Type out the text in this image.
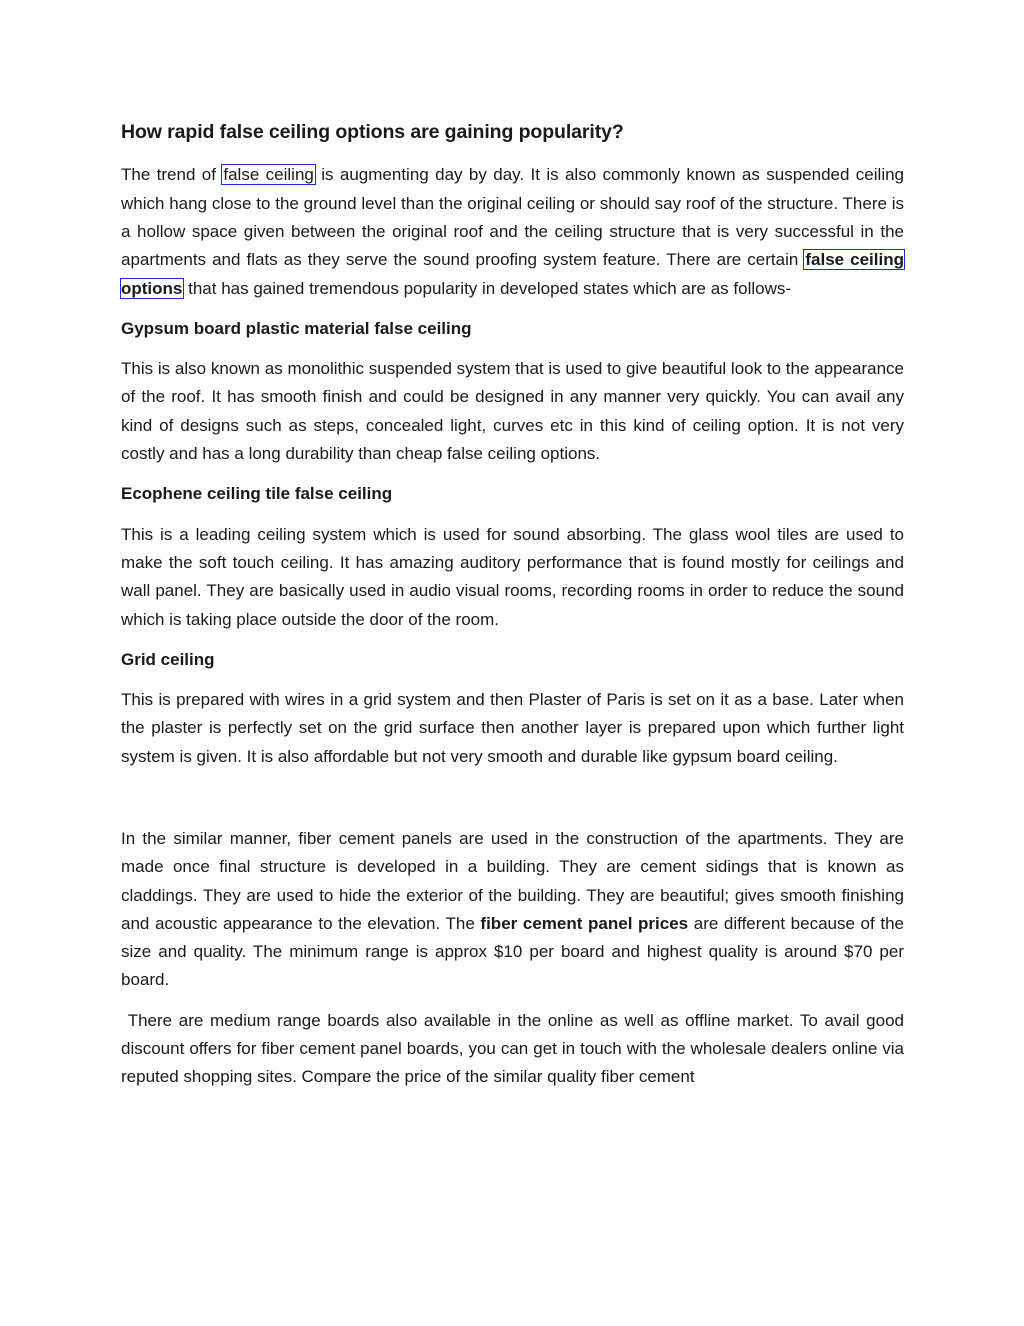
How rapid false ceiling options are gaining popularity?

The trend of false ceiling is augmenting day by day. It is also commonly known as suspended ceiling which hang close to the ground level than the original ceiling or should say roof of the structure. There is a hollow space given between the original roof and the ceiling structure that is very successful in the apartments and flats as they serve the sound proofing system feature. There are certain false ceiling options that has gained tremendous popularity in developed states which are as follows-

Gypsum board plastic material false ceiling

This is also known as monolithic suspended system that is used to give beautiful look to the appearance of the roof. It has smooth finish and could be designed in any manner very quickly. You can avail any kind of designs such as steps, concealed light, curves etc in this kind of ceiling option. It is not very costly and has a long durability than cheap false ceiling options.

Ecophene ceiling tile false ceiling

This is a leading ceiling system which is used for sound absorbing. The glass wool tiles are used to make the soft touch ceiling. It has amazing auditory performance that is found mostly for ceilings and wall panel. They are basically used in audio visual rooms, recording rooms in order to reduce the sound which is taking place outside the door of the room.

Grid ceiling

This is prepared with wires in a grid system and then Plaster of Paris is set on it as a base. Later when the plaster is perfectly set on the grid surface then another layer is prepared upon which further light system is given. It is also affordable but not very smooth and durable like gypsum board ceiling.

In the similar manner, fiber cement panels are used in the construction of the apartments. They are made once final structure is developed in a building. They are cement sidings that is known as claddings. They are used to hide the exterior of the building. They are beautiful; gives smooth finishing and acoustic appearance to the elevation. The fiber cement panel prices are different because of the size and quality. The minimum range is approx $10 per board and highest quality is around $70 per board.

There are medium range boards also available in the online as well as offline market. To avail good discount offers for fiber cement panel boards, you can get in touch with the wholesale dealers online via reputed shopping sites. Compare the price of the similar quality fiber cement
